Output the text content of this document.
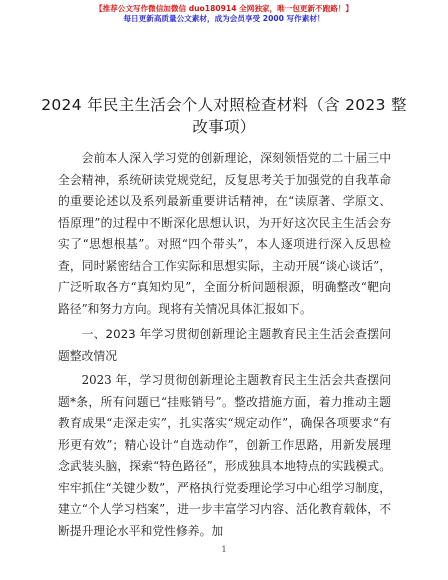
【推荐公文写作微信加微信 duo180914 全网独家，唯一包更新不跑路！】
每日更新高质量公文素材，成为会员享受 2000 写作素材！
2024 年民主生活会个人对照检查材料（含 2023 整改事项）

会前本人深入学习党的创新理论，深刻领悟党的二十届三中全会精神，系统研读党规党纪，反复思考关于加强党的自我革命的重要论述以及系列最新重要讲话精神，在“读原著、学原文、悟原理”的过程中不断深化思想认识，为开好这次民主生活会夯实了“思想根基”。对照“四个带头”，本人逐项进行深入反思检查，同时紧密结合工作实际和思想实际，主动开展“谈心谈话”，广泛听取各方“真知灼见”，全面分析问题根源，明确整改“靶向路径”和努力方向。现将有关情况具体汇报如下。

一、2023 年学习贯彻创新理论主题教育民主生活会查摆问题整改情况

2023 年，学习贯彻创新理论主题教育民主生活会共查摆问题*条，所有问题已“挂账销号”。整改措施方面，着力推动主题教育成果“走深走实”，扎实落实“规定动作”，确保各项要求“有形更有效”；精心设计“自选动作”，创新工作思路，用新发展理念武装头脑，探索“特色路径”，形成独具本地特点的实践模式。牢牢抓住“关键少数”，严格执行党委理论学习中心组学习制度，建立“个人学习档案”，进一步丰富学习内容、活化教育载体，不断提升理论水平和党性修养。加

1
